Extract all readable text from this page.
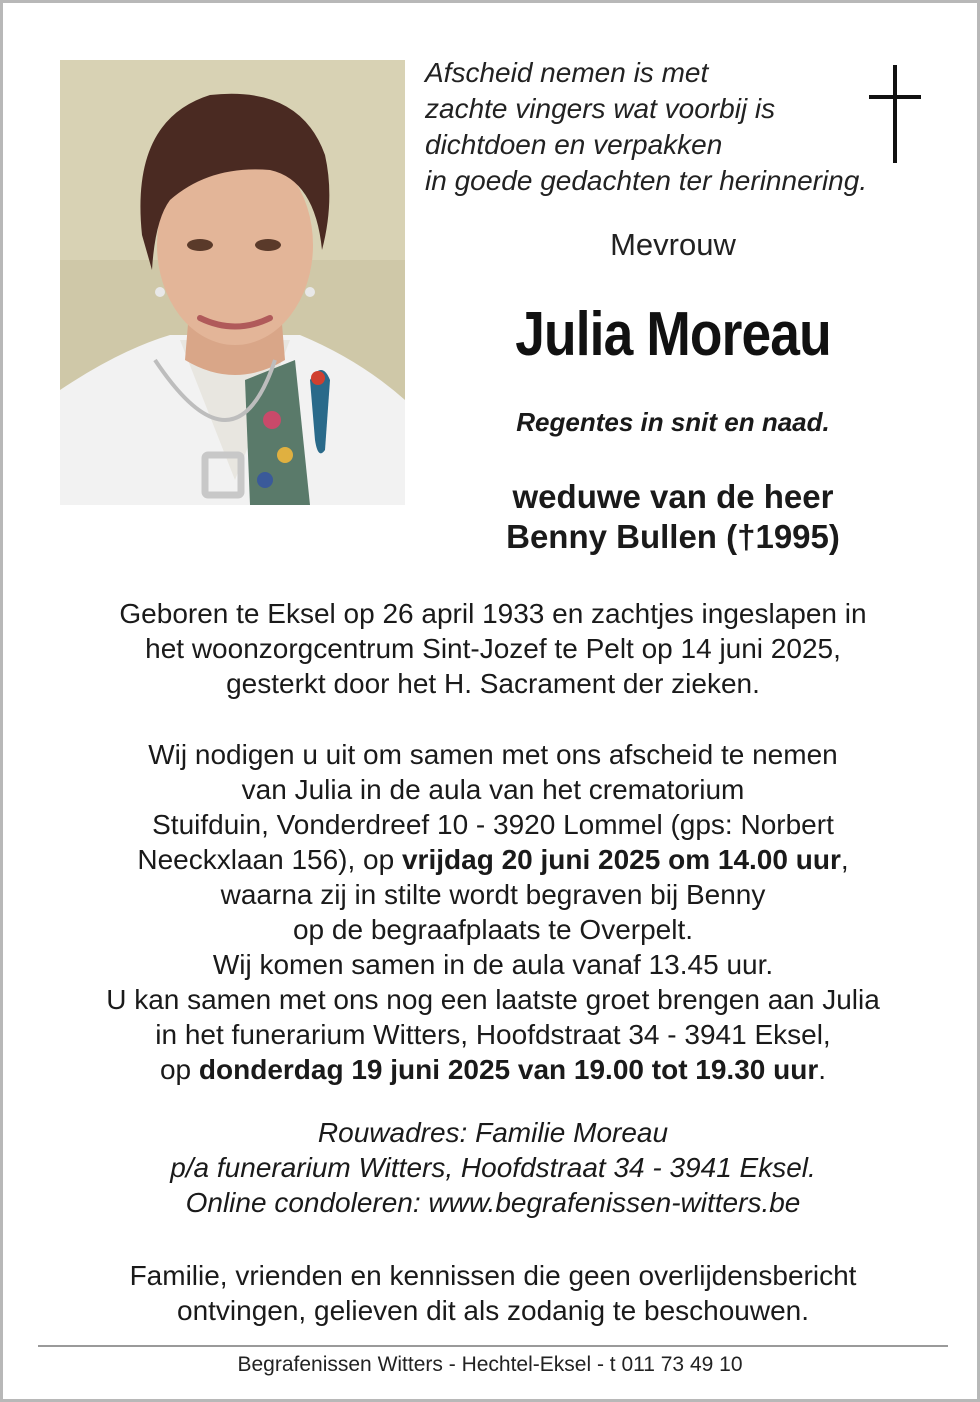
Afscheid nemen is met
zachte vingers wat voorbij is
dichtdoen en verpakken
in goede gedachten ter herinnering.
Mevrouw
Julia Moreau
Regentes in snit en naad.
weduwe van de heer
Benny Bullen (†1995)
Geboren te Eksel op 26 april 1933 en zachtjes ingeslapen in
het woonzorgcentrum Sint-Jozef te Pelt op 14 juni 2025,
gesterkt door het H. Sacrament der zieken.
Wij nodigen u uit om samen met ons afscheid te nemen
van Julia in de aula van het crematorium
Stuifduin, Vonderdreef 10 - 3920 Lommel (gps: Norbert
Neeckxlaan 156), op vrijdag 20 juni 2025 om 14.00 uur,
waarna zij in stilte wordt begraven bij Benny
op de begraafplaats te Overpelt.
Wij komen samen in de aula vanaf 13.45 uur.
U kan samen met ons nog een laatste groet brengen aan Julia
in het funerarium Witters, Hoofdstraat 34 - 3941 Eksel,
op donderdag 19 juni 2025 van 19.00 tot 19.30 uur.
Rouwadres: Familie Moreau
p/a funerarium Witters, Hoofdstraat 34 - 3941 Eksel.
Online condoleren: www.begrafenissen-witters.be
Familie, vrienden en kennissen die geen overlijdensbericht
ontvingen, gelieven dit als zodanig te beschouwen.
Begrafenissen Witters - Hechtel-Eksel - t 011 73 49 10
